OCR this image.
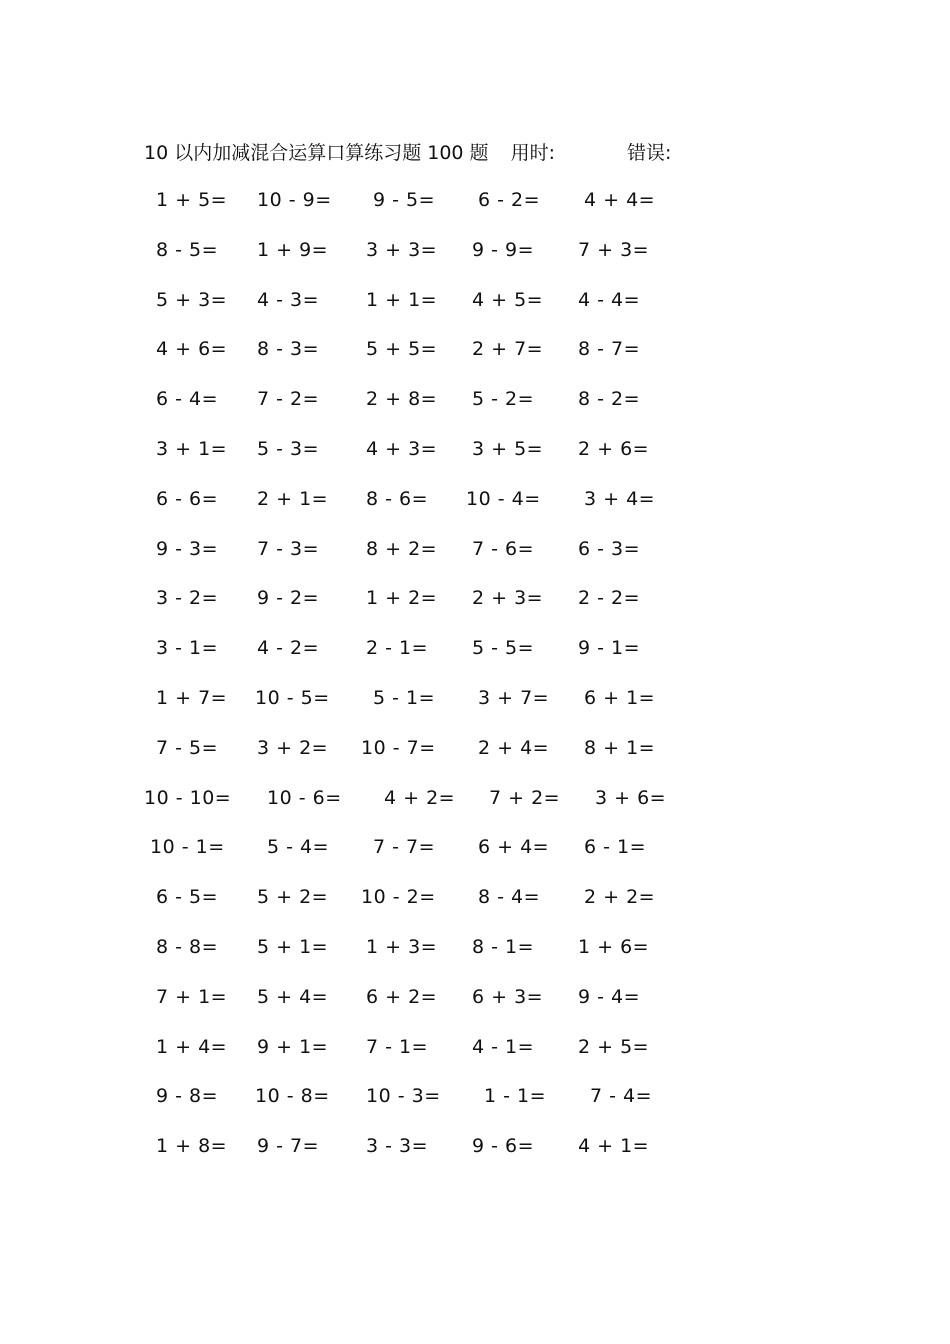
10 以内加减混合运算口算练习题 100 题 用时:	错误:
1 + 5= 10 - 9= 9 - 5= 6 - 2= 4 + 4=
8 - 5= 1 + 9= 3 + 3= 9 - 9= 7 + 3=
5 + 3= 4 - 3= 1 + 1= 4 + 5= 4 - 4=
4 + 6= 8 - 3= 5 + 5= 2 + 7= 8 - 7=
6 - 4= 7 - 2= 2 + 8= 5 - 2= 8 - 2=
3 + 1= 5 - 3= 4 + 3= 3 + 5= 2 + 6=
6 - 6= 2 + 1= 8 - 6= 10 - 4= 3 + 4=
9 - 3= 7 - 3= 8 + 2= 7 - 6= 6 - 3=
3 - 2= 9 - 2= 1 + 2= 2 + 3= 2 - 2=
3 - 1= 4 - 2= 2 - 1= 5 - 5= 9 - 1=
1 + 7= 10 - 5= 5 - 1= 3 + 7= 6 + 1=
7 - 5= 3 + 2= 10 - 7= 2 + 4= 8 + 1=
10 - 10= 10 - 6= 4 + 2= 7 + 2= 3 + 6=
10 - 1= 5 - 4= 7 - 7= 6 + 4= 6 - 1=
6 - 5= 5 + 2= 10 - 2= 8 - 4= 2 + 2=
8 - 8= 5 + 1= 1 + 3= 8 - 1= 1 + 6=
7 + 1= 5 + 4= 6 + 2= 6 + 3= 9 - 4=
1 + 4= 9 + 1= 7 - 1= 4 - 1= 2 + 5=
9 - 8= 10 - 8= 10 - 3= 1 - 1= 7 - 4=
1 + 8= 9 - 7= 3 - 3= 9 - 6= 4 + 1=
